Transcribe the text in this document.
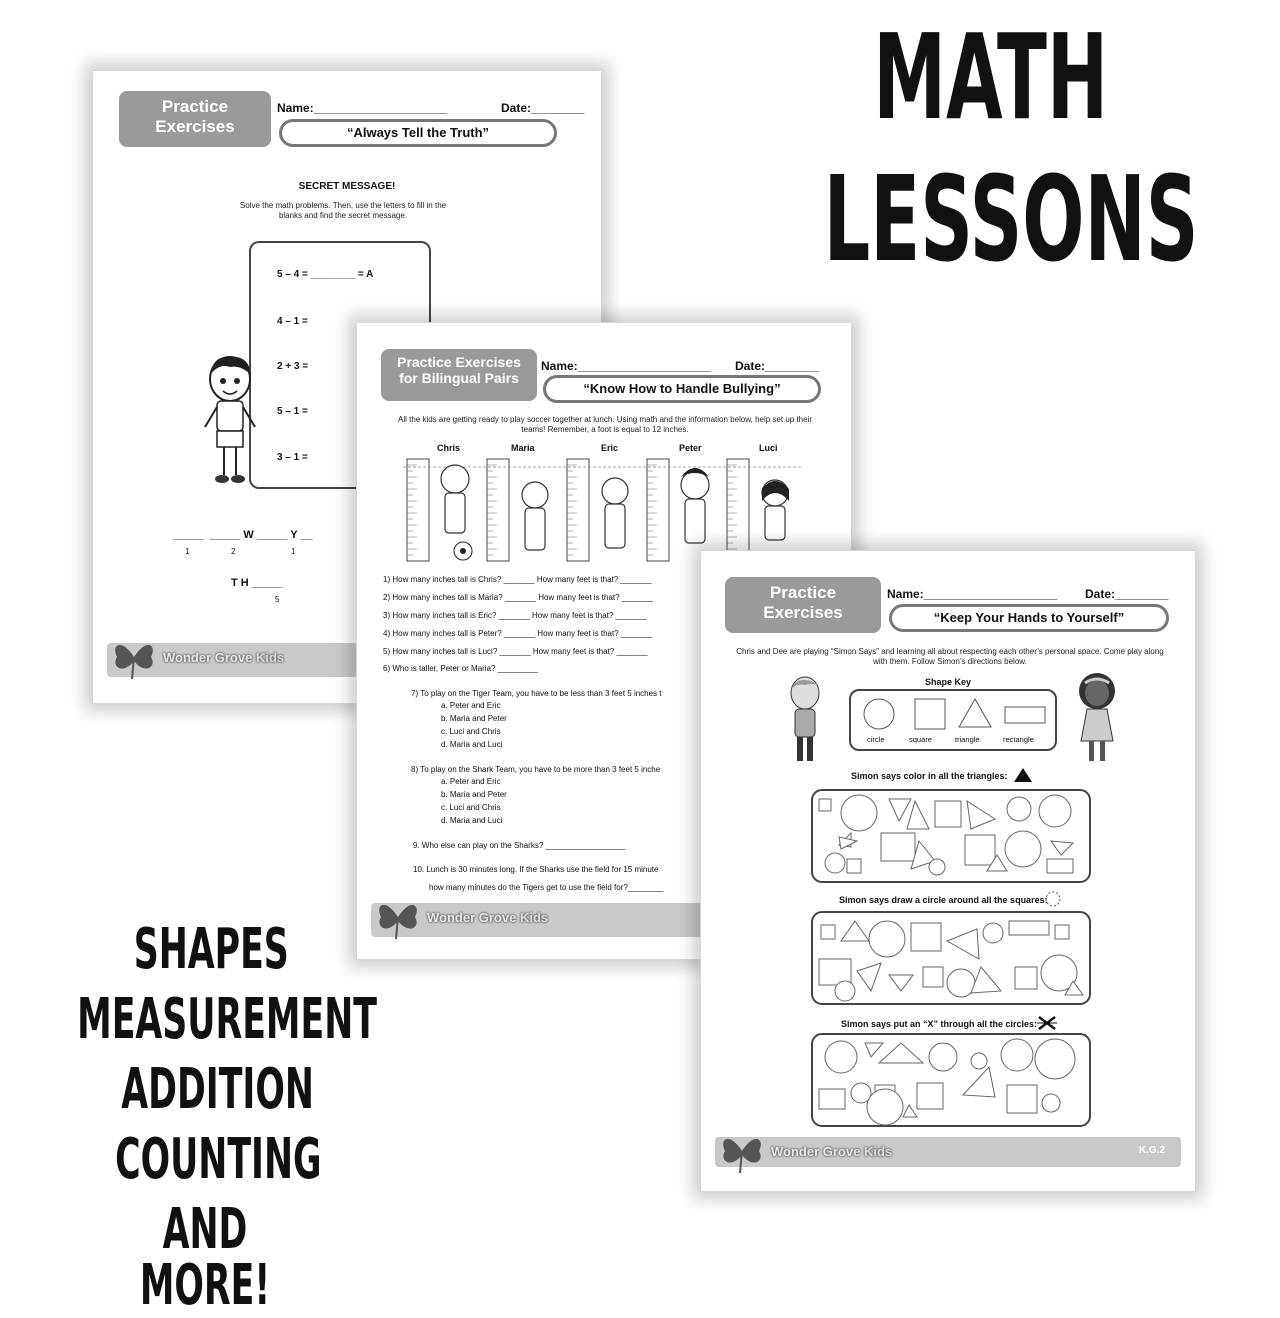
MATH
LESSONS
SHAPES
MEASUREMENT
ADDITION
COUNTING
AND MORE!
Practice
Exercises
Name:____________________	Date:________
“Always Tell the Truth”
SECRET MESSAGE!
Solve the math problems. Then, use the letters to fill in the blanks and find the secret message.
5 – 4 = ________ = A
4 – 1 =
2 + 3 =
5 – 1 =
3 – 1 =
_____  _____ W _____ Y __
1	2	1
T H _____
5
Wonder Grove Kids
Practice Exercises
for Bilingual Pairs
Name:____________________ Date:________
“Know How to Handle Bullying”
All the kids are getting ready to play soccer together at lunch. Using math and the information below, help set up their teams! Remember, a foot is equal to 12 inches.
Chris	Maria	Eric	Peter	Luci
1) How many inches tall is Chris? _______ How many feet is that? _______
2) How many inches tall is Maria? _______ How many feet is that? _______
3) How many inches tall is Eric? _______ How many feet is that? _______
4) How many inches tall is Peter? _______ How many feet is that? _______
5) How many inches tall is Luci? _______ How many feet is that? _______
6) Who is taller, Peter or Maria? _________
7) To play on the Tiger Team, you have to be less than 3 feet 5 inches t
a. Peter and Eric
b. Maria and Peter
c. Luci and Chris
d. Maria and Luci
8) To play on the Shark Team, you have to be more than 3 feet 5 inche
a. Peter and Eric
b. Maria and Peter
c. Luci and Chris
d. Maria and Luci
9. Who else can play on the Sharks? __________________
10. Lunch is 30 minutes long. If the Sharks use the field for 15 minute
how many minutes do the Tigers get to use the field for?________
Wonder Grove Kids
Practice
Exercises
Name:____________________ Date:________
“Keep Your Hands to Yourself”
Chris and Dee are playing “Simon Says” and learning all about respecting each other’s personal space. Come play along with them. Follow Simon’s directions below.
Shape Key
circle	square	triangle	rectangle
Simon says color in all the triangles:
Simon says draw a circle around all the squares:
Simon says put an “X” through all the circles:
Wonder Grove Kids	K.G.2
